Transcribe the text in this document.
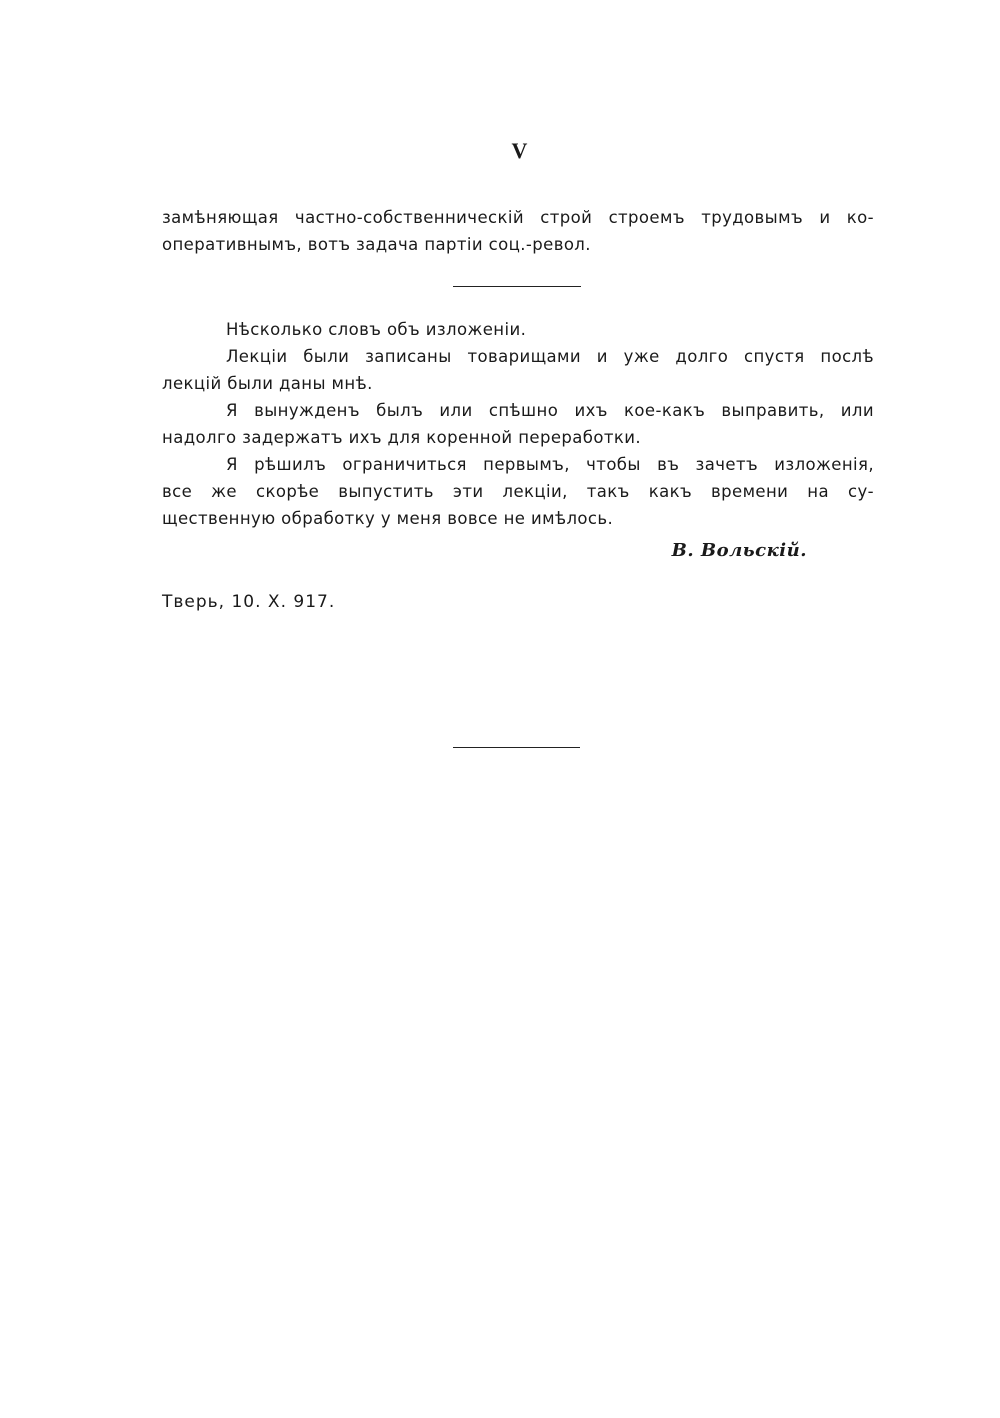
V
замѣняющая частно-собственническій строй строемъ трудовымъ и ко-
оперативнымъ, вотъ задача партіи соц.-револ.
Нѣсколько словъ объ изложеніи.
Лекціи были записаны товарищами и уже долго спустя послѣ
лекцій были даны мнѣ.
Я вынужденъ былъ или спѣшно ихъ кое-какъ выправить, или
надолго задержатъ ихъ для коренной переработки.
Я рѣшилъ ограничиться первымъ, чтобы въ зачетъ изложенія,
все же скорѣе выпустить эти лекціи, такъ какъ времени на су-
щественную обработку у меня вовсе не имѣлось.
В. Вольскій.
Тверь, 10. X. 917.
